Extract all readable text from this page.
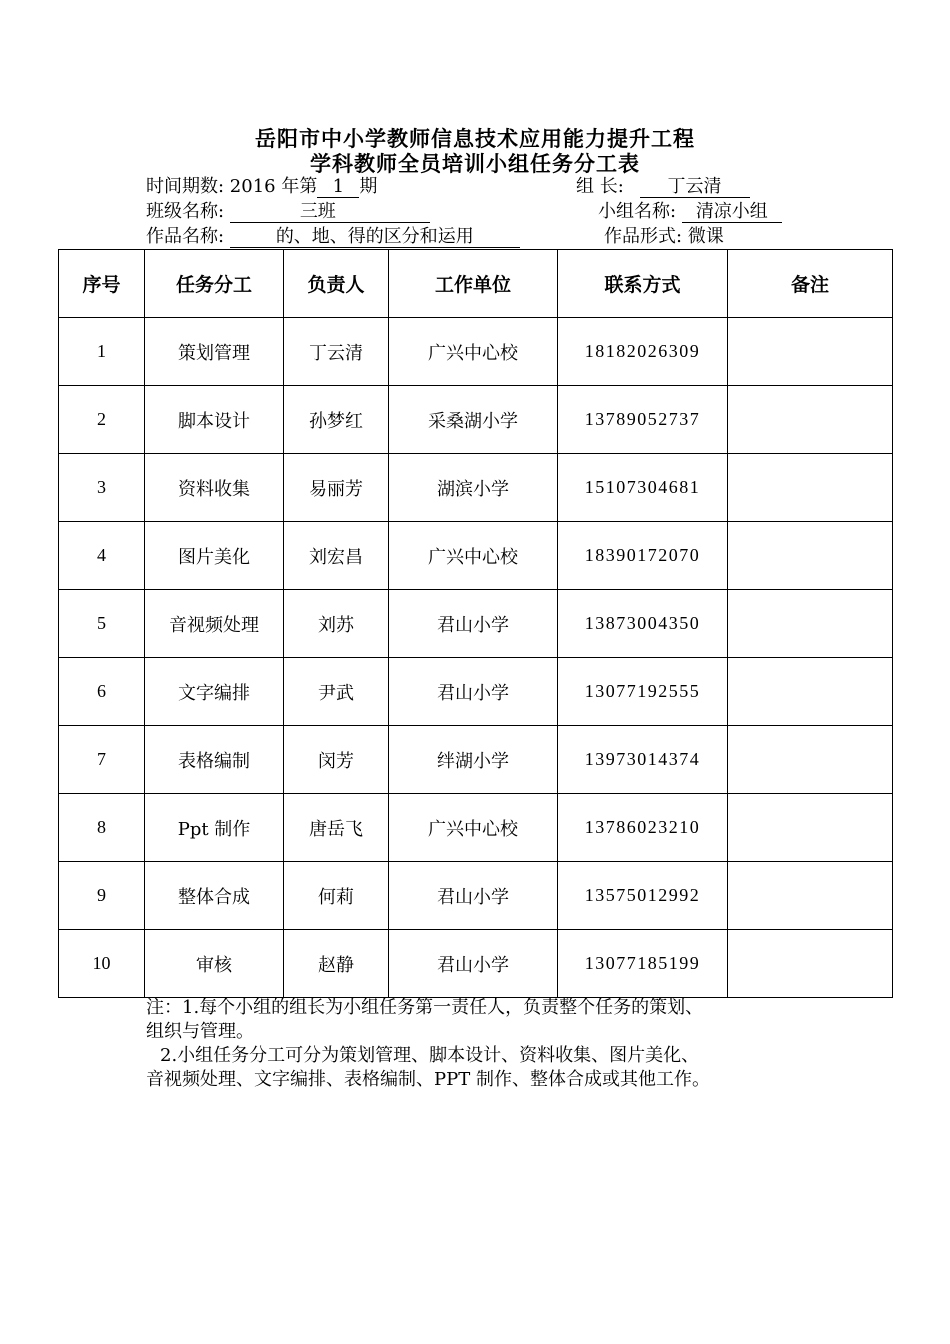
岳阳市中小学教师信息技术应用能力提升工程
学科教师全员培训小组任务分工表
时间期数: 2016 年第 1 期	组 长: 丁云清
班级名称:	三班	小组名称: 清凉小组
作品名称:	的、地、得的区分和运用	作品形式: 微课
序号	任务分工	负责人	工作单位	联系方式	备注
1	策划管理	丁云清	广兴中心校	18182026309	
2	脚本设计	孙梦红	采桑湖小学	13789052737	
3	资料收集	易丽芳	湖滨小学	15107304681	
4	图片美化	刘宏昌	广兴中心校	18390172070	
5	音视频处理	刘苏	君山小学	13873004350	
6	文字编排	尹武	君山小学	13077192555	
7	表格编制	闵芳	绊湖小学	13973014374	
8	Ppt 制作	唐岳飞	广兴中心校	13786023210	
9	整体合成	何莉	君山小学	13575012992	
10	审核	赵静	君山小学	13077185199	

注：1.每个小组的组长为小组任务第一责任人，负责整个任务的策划、

组织与管理。

2.小组任务分工可分为策划管理、脚本设计、资料收集、图片美化、

音视频处理、文字编排、表格编制、PPT 制作、整体合成或其他工作。
